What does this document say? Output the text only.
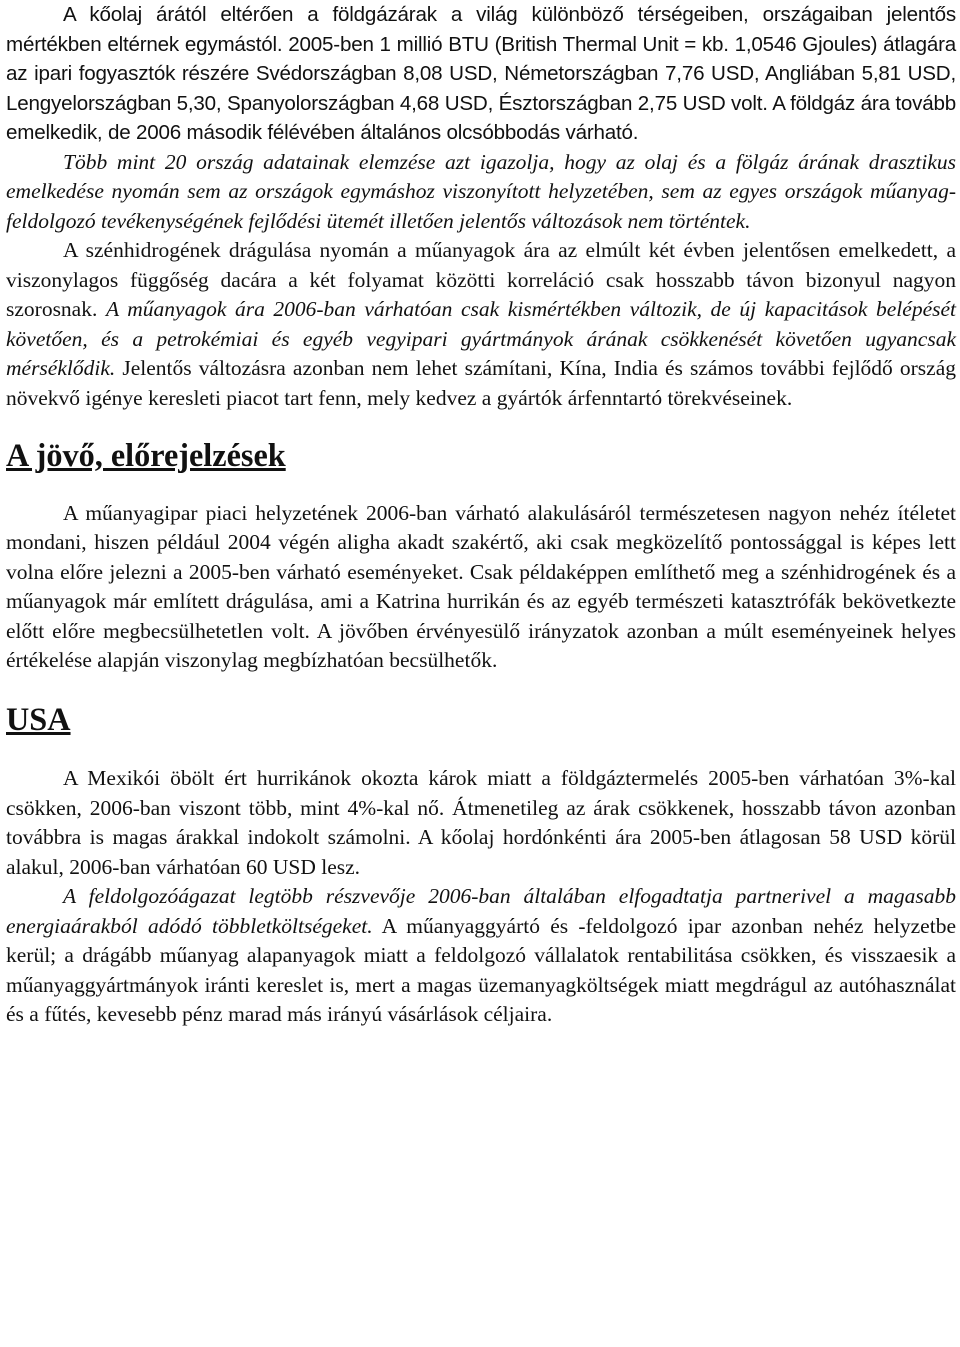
A kőolaj árától eltérően a földgázárak a világ különböző térségeiben, országaiban jelentős mértékben eltérnek egymástól. 2005-ben 1 millió BTU (British Thermal Unit = kb. 1,0546 Gjoules) átlagára az ipari fogyasztók részére Svédországban 8,08 USD, Németországban 7,76 USD, Angliában 5,81 USD, Lengyelországban 5,30, Spanyolországban 4,68 USD, Észtországban 2,75 USD volt. A földgáz ára tovább emelkedik, de 2006 második félévében általános olcsóbbodás várható.

Több mint 20 ország adatainak elemzése azt igazolja, hogy az olaj és a fölgáz árának drasztikus emelkedése nyomán sem az országok egymáshoz viszonyított helyzetében, sem az egyes országok műanyag-feldolgozó tevékenységének fejlődési ütemét illetően jelentős változások nem történtek.

A szénhidrogének drágulása nyomán a műanyagok ára az elmúlt két évben jelentősen emelkedett, a viszonylagos függőség dacára a két folyamat közötti korreláció csak hosszabb távon bizonyul nagyon szorosnak. A műanyagok ára 2006-ban várhatóan csak kismértékben változik, de új kapacitások belépését követően, és a petrokémiai és egyéb vegyipari gyártmányok árának csökkenését követően ugyancsak mérséklődik. Jelentős változásra azonban nem lehet számítani, Kína, India és számos további fejlődő ország növekvő igénye keresleti piacot tart fenn, mely kedvez a gyártók árfenntartó törekvéseinek.

A jövő, előrejelzések

A műanyagipar piaci helyzetének 2006-ban várható alakulásáról természetesen nagyon nehéz ítéletet mondani, hiszen például 2004 végén aligha akadt szakértő, aki csak megközelítő pontossággal is képes lett volna előre jelezni a 2005-ben várható eseményeket. Csak példaképpen említhető meg a szénhidrogének és a műanyagok már említett drágulása, ami a Katrina hurrikán és az egyéb természeti katasztrófák bekövetkezte előtt előre megbecsülhetetlen volt. A jövőben érvényesülő irányzatok azonban a múlt eseményeinek helyes értékelése alapján viszonylag megbízhatóan becsülhetők.

USA

A Mexikói öbölt ért hurrikánok okozta károk miatt a földgáztermelés 2005-ben várhatóan 3%-kal csökken, 2006-ban viszont több, mint 4%-kal nő. Átmenetileg az árak csökkenek, hosszabb távon azonban továbbra is magas árakkal indokolt számolni. A kőolaj hordónkénti ára 2005-ben átlagosan 58 USD körül alakul, 2006-ban várhatóan 60 USD lesz.

A feldolgozóágazat legtöbb részvevője 2006-ban általában elfogadtatja partnerivel a magasabb energiaárakból adódó többletköltségeket. A műanyaggyártó és -feldolgozó ipar azonban nehéz helyzetbe kerül; a drágább műanyag alapanyagok miatt a feldolgozó vállalatok rentabilitása csökken, és visszaesik a műanyaggyártmányok iránti kereslet is, mert a magas üzemanyagköltségek miatt megdrágul az autóhasználat és a fűtés, kevesebb pénz marad más irányú vásárlások céljaira.
